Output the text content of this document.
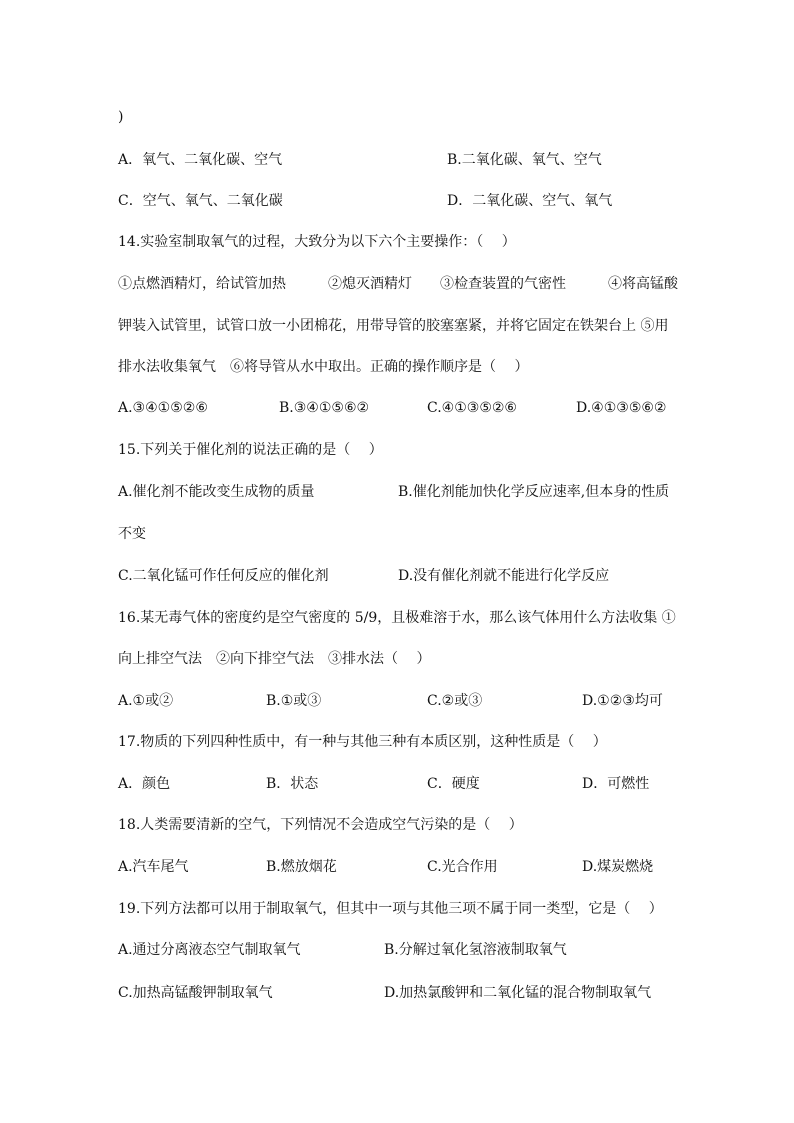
)
A．氧气、二氧化碳、空气	B.二氧化碳、氧气、空气
C．空气、氧气、二氧化碳	D．二氧化碳、空气、氧气
14.实验室制取氧气的过程，大致分为以下六个主要操作：（　 ）
①点燃酒精灯，给试管加热　　　②熄灭酒精灯　　③检查装置的气密性　　　④将高锰酸
钾装入试管里，试管口放一小团棉花，用带导管的胶塞塞紧，并将它固定在铁架台上 ⑤用
排水法收集氧气　⑥将导管从水中取出。正确的操作顺序是（　 ）
A.③④①⑤②⑥	B.③④①⑤⑥②	C.④①③⑤②⑥	D.④①③⑤⑥②
15.下列关于催化剂的说法正确的是（　 ）
A.催化剂不能改变生成物的质量	B.催化剂能加快化学反应速率,但本身的性质
不变
C.二氧化锰可作任何反应的催化剂	D.没有催化剂就不能进行化学反应
16.某无毒气体的密度约是空气密度的 5/9，且极难溶于水，那么该气体用什么方法收集 ①
向上排空气法　②向下排空气法　③排水法（　 ）
A.①或②	B.①或③	C.②或③	D.①②③均可
17.物质的下列四种性质中，有一种与其他三种有本质区别，这种性质是（　 ）
A．颜色	B．状态	C．硬度	D．可燃性
18.人类需要清新的空气，下列情况不会造成空气污染的是（　 ）
A.汽车尾气	B.燃放烟花	C.光合作用	D.煤炭燃烧
19.下列方法都可以用于制取氧气，但其中一项与其他三项不属于同一类型，它是（　 ）
A.通过分离液态空气制取氧气	B.分解过氧化氢溶液制取氧气
C.加热高锰酸钾制取氧气	D.加热氯酸钾和二氧化锰的混合物制取氧气
